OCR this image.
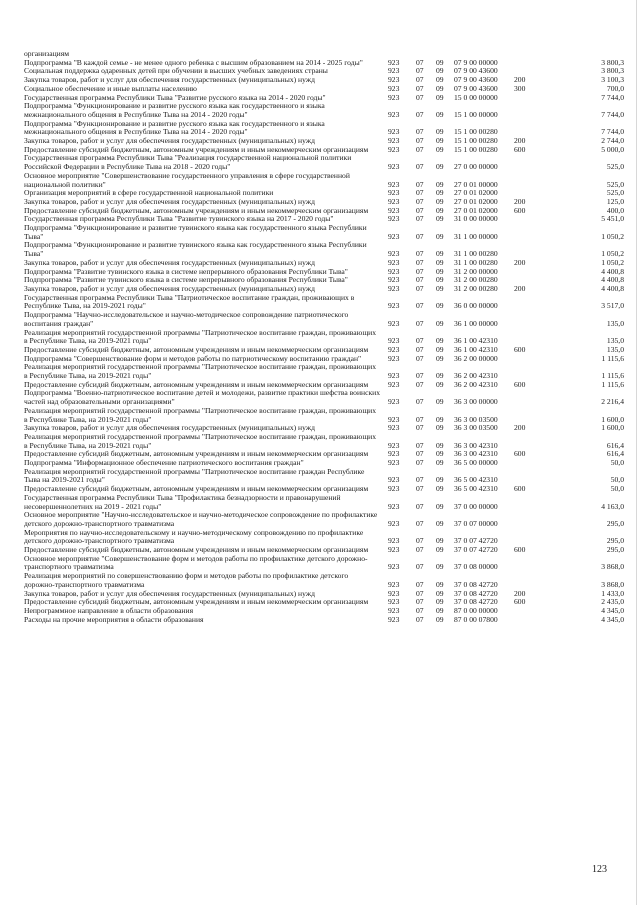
организациям
Подпрограмма "В каждой семье - не менее одного ребенка с высшим образованием на 2014 - 2025 годы"	923	07	09	07 9 00 00000	3 800,3
Социальная поддержка одаренных детей при обучении в высших учебных заведениях страны	923	07	09	07 9 00 43600	3 800,3
Закупка товаров, работ и услуг для обеспечения государственных (муниципальных) нужд	923	07	09	07 9 00 43600	200	3 100,3
Социальное обеспечение и иные выплаты населению	923	07	09	07 9 00 43600	300	700,0
Государственная программа Республики Тыва "Развитие русского языка на 2014 - 2020 годы"	923	07	09	15 0 00 00000	7 744,0
Подпрограмма "Функционирование и развитие русского языка как государственного и языка межнационального общения в Республике Тыва на 2014 - 2020 годы"	923	07	09	15 1 00 00000	7 744,0
Подпрограмма "Функционирование и развитие русского языка как государственного и языка межнационального общения в Республике Тыва на 2014 - 2020 годы"	923	07	09	15 1 00 00280	7 744,0
Закупка товаров, работ и услуг для обеспечения государственных (муниципальных) нужд	923	07	09	15 1 00 00280	200	2 744,0
Предоставление субсидий бюджетным, автономным учреждениям и иным некоммерческим организациям	923	07	09	15 1 00 00280	600	5 000,0
Государственная программа Республики Тыва "Реализация государственной национальной политики Российской Федерации в Республике Тыва на 2018 - 2020 годы"	923	07	09	27 0 00 00000	525,0
Основное мероприятие "Совершенствование государственного управления в сфере государственной национальной политики"	923	07	09	27 0 01 00000	525,0
Организация мероприятий в сфере государственной национальной политики	923	07	09	27 0 01 02000	525,0
Закупка товаров, работ и услуг для обеспечения государственных (муниципальных) нужд	923	07	09	27 0 01 02000	200	125,0
Предоставление субсидий бюджетным, автономным учреждениям и иным некоммерческим организациям	923	07	09	27 0 01 02000	600	400,0
Государственная программа Республики Тыва "Развитие тувинского языка на 2017 - 2020 годы"	923	07	09	31 0 00 00000	5 451,0
Подпрограмма "Функционирование и развитие тувинского языка как государственного языка Республики Тыва"	923	07	09	31 1 00 00000	1 050,2
Подпрограмма "Функционирование и развитие тувинского языка как государственного языка Республики Тыва"	923	07	09	31 1 00 00280	1 050,2
Закупка товаров, работ и услуг для обеспечения государственных (муниципальных) нужд	923	07	09	31 1 00 00280	200	1 050,2
Подпрограмма "Развитие тувинского языка в системе непрерывного образования Республики Тыва"	923	07	09	31 2 00 00000	4 400,8
Подпрограмма "Развитие тувинского языка в системе непрерывного образования Республики Тыва"	923	07	09	31 2 00 00280	4 400,8
Закупка товаров, работ и услуг для обеспечения государственных (муниципальных) нужд	923	07	09	31 2 00 00280	200	4 400,8
Государственная программа Республики Тыва "Патриотическое воспитание граждан, проживающих в Республике Тыва, на 2019-2021 годы"	923	07	09	36 0 00 00000	3 517,0
Подпрограмма "Научно-исследовательское и научно-методическое сопровождение патриотического воспитания граждан"	923	07	09	36 1 00 00000	135,0
Реализация мероприятий государственной программы "Патриотическое воспитание граждан, проживающих в Республике Тыва, на 2019-2021 годы"	923	07	09	36 1 00 42310	135,0
Предоставление субсидий бюджетным, автономным учреждениям и иным некоммерческим организациям	923	07	09	36 1 00 42310	600	135,0
Подпрограмма "Совершенствование форм и методов работы по патриотическому воспитанию граждан"	923	07	09	36 2 00 00000	1 115,6
Реализация мероприятий государственной программы "Патриотическое воспитание граждан, проживающих в Республике Тыва, на 2019-2021 годы"	923	07	09	36 2 00 42310	1 115,6
Предоставление субсидий бюджетным, автономным учреждениям и иным некоммерческим организациям	923	07	09	36 2 00 42310	600	1 115,6
Подпрограмма "Военно-патриотическое воспитание детей и молодежи, развитие практики шефства воинских частей над образовательными организациями"	923	07	09	36 3 00 00000	2 216,4
Реализация мероприятий государственной программы "Патриотическое воспитание граждан, проживающих в Республике Тыва, на 2019-2021 годы"	923	07	09	36 3 00 03500	1 600,0
Закупка товаров, работ и услуг для обеспечения государственных (муниципальных) нужд	923	07	09	36 3 00 03500	200	1 600,0
Реализация мероприятий государственной программы "Патриотическое воспитание граждан, проживающих в Республике Тыва, на 2019-2021 годы"	923	07	09	36 3 00 42310	616,4
Предоставление субсидий бюджетным, автономным учреждениям и иным некоммерческим организациям	923	07	09	36 3 00 42310	600	616,4
Подпрограмма "Информационное обеспечение патриотического воспитания граждан"	923	07	09	36 5 00 00000	50,0
Реализация мероприятий государственной программы "Патриотическое воспитание граждан Республике Тыва на 2019-2021 годы"	923	07	09	36 5 00 42310	50,0
Предоставление субсидий бюджетным, автономным учреждениям и иным некоммерческим организациям	923	07	09	36 5 00 42310	600	50,0
Государственная программа Республики Тыва "Профилактика безнадзорности и правонарушений несовершеннолетних на 2019 - 2021 годы"	923	07	09	37 0 00 00000	4 163,0
Основное мероприятие "Научно-исследовательское и научно-методическое сопровождение по профилактике детского дорожно-транспортного травматизма	923	07	09	37 0 07 00000	295,0
Мероприятия по научно-исследовательскому и научно-методическому сопровождению по профилактике детского дорожно-транспортного травматизма	923	07	09	37 0 07 42720	295,0
Предоставление субсидий бюджетным, автономным учреждениям и иным некоммерческим организациям	923	07	09	37 0 07 42720	600	295,0
Основное мероприятие "Совершенствование форм и методов работы по профилактике детского дорожно-транспортного травматизма	923	07	09	37 0 08 00000	3 868,0
Реализация мероприятий по совершенствованию форм и методов работы по профилактике детского дорожно-транспортного травматизма	923	07	09	37 0 08 42720	3 868,0
Закупка товаров, работ и услуг для обеспечения государственных (муниципальных) нужд	923	07	09	37 0 08 42720	200	1 433,0
Предоставление субсидий бюджетным, автономным учреждениям и иным некоммерческим организациям	923	07	09	37 0 08 42720	600	2 435,0
Непрограммное направление в области образования	923	07	09	87 0 00 00000	4 345,0
Расходы на прочие мероприятия в области образования	923	07	09	87 0 00 07800	4 345,0
123
